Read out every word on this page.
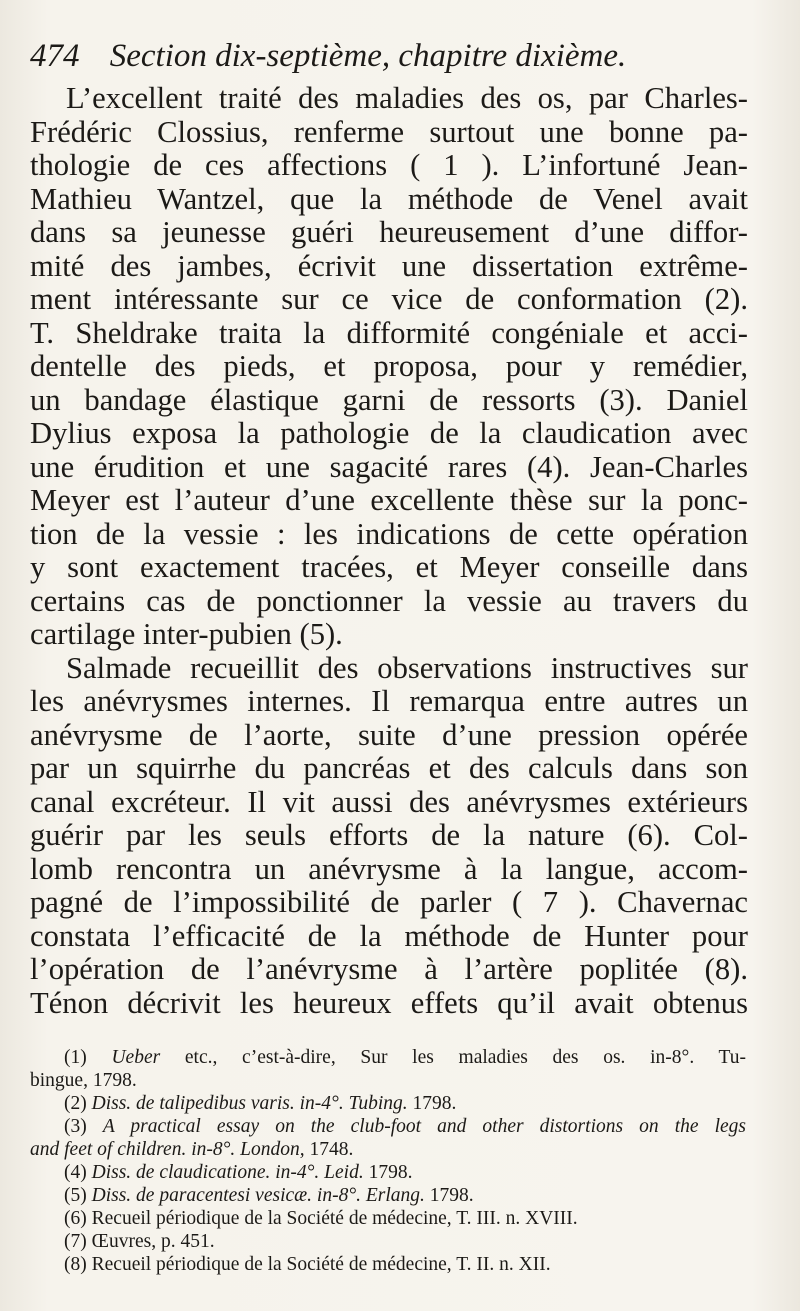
474 Section dix-septième, chapitre dixième.
L’excellent traité des maladies des os, par Charles-
Frédéric Clossius, renferme surtout une bonne pa-
thologie de ces affections ( 1 ). L’infortuné Jean-
Mathieu Wantzel, que la méthode de Venel avait
dans sa jeunesse guéri heureusement d’une diffor-
mité des jambes, écrivit une dissertation extrême-
ment intéressante sur ce vice de conformation (2).
T. Sheldrake traita la difformité congéniale et acci-
dentelle des pieds, et proposa, pour y remédier,
un bandage élastique garni de ressorts (3). Daniel
Dylius exposa la pathologie de la claudication avec
une érudition et une sagacité rares (4). Jean-Charles
Meyer est l’auteur d’une excellente thèse sur la ponc-
tion de la vessie : les indications de cette opération
y sont exactement tracées, et Meyer conseille dans
certains cas de ponctionner la vessie au travers du
cartilage inter-pubien (5).
Salmade recueillit des observations instructives sur
les anévrysmes internes. Il remarqua entre autres un
anévrysme de l’aorte, suite d’une pression opérée
par un squirrhe du pancréas et des calculs dans son
canal excréteur. Il vit aussi des anévrysmes extérieurs
guérir par les seuls efforts de la nature (6). Col-
lomb rencontra un anévrysme à la langue, accom-
pagné de l’impossibilité de parler ( 7 ). Chavernac
constata l’efficacité de la méthode de Hunter pour
l’opération de l’anévrysme à l’artère poplitée (8).
Ténon décrivit les heureux effets qu’il avait obtenus
(1) Ueber etc., c’est-à-dire, Sur les maladies des os. in-8°. Tu-
bingue, 1798.
(2) Diss. de talipedibus varis. in-4°. Tubing. 1798.
(3) A practical essay on the club-foot and other distortions on the legs
and feet of children. in-8°. London, 1748.
(4) Diss. de claudicatione. in-4°. Leid. 1798.
(5) Diss. de paracentesi vesicæ. in-8°. Erlang. 1798.
(6) Recueil périodique de la Société de médecine, T. III. n. XVIII.
(7) Œuvres, p. 451.
(8) Recueil périodique de la Société de médecine, T. II. n. XII.
